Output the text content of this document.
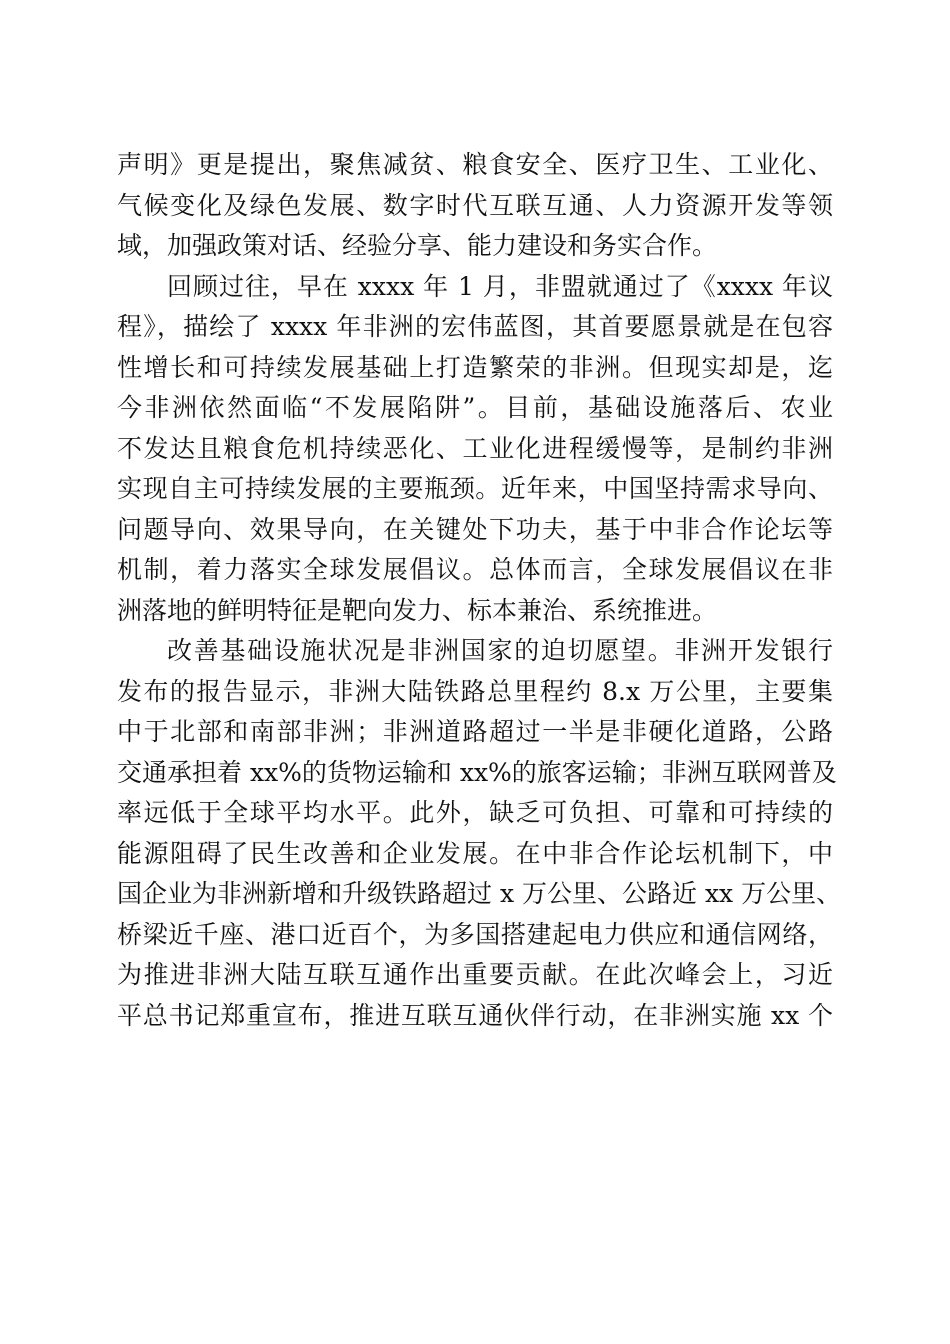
声明》更是提出，聚焦减贫、粮食安全、医疗卫生、工业化、
气候变化及绿色发展、数字时代互联互通、人力资源开发等领
域，加强政策对话、经验分享、能力建设和务实合作。
回顾过往，早在 xxxx 年 1 月，非盟就通过了《xxxx 年议
程》，描绘了 xxxx 年非洲的宏伟蓝图，其首要愿景就是在包容
性增长和可持续发展基础上打造繁荣的非洲。但现实却是，迄
今非洲依然面临“不发展陷阱”。目前，基础设施落后、农业
不发达且粮食危机持续恶化、工业化进程缓慢等，是制约非洲
实现自主可持续发展的主要瓶颈。近年来，中国坚持需求导向、
问题导向、效果导向，在关键处下功夫，基于中非合作论坛等
机制，着力落实全球发展倡议。总体而言，全球发展倡议在非
洲落地的鲜明特征是靶向发力、标本兼治、系统推进。
改善基础设施状况是非洲国家的迫切愿望。非洲开发银行
发布的报告显示，非洲大陆铁路总里程约 8.x 万公里，主要集
中于北部和南部非洲；非洲道路超过一半是非硬化道路，公路
交通承担着 xx%的货物运输和 xx%的旅客运输；非洲互联网普及
率远低于全球平均水平。此外，缺乏可负担、可靠和可持续的
能源阻碍了民生改善和企业发展。在中非合作论坛机制下，中
国企业为非洲新增和升级铁路超过 x 万公里、公路近 xx 万公里、
桥梁近千座、港口近百个，为多国搭建起电力供应和通信网络，
为推进非洲大陆互联互通作出重要贡献。在此次峰会上，习近
平总书记郑重宣布，推进互联互通伙伴行动，在非洲实施 xx 个
